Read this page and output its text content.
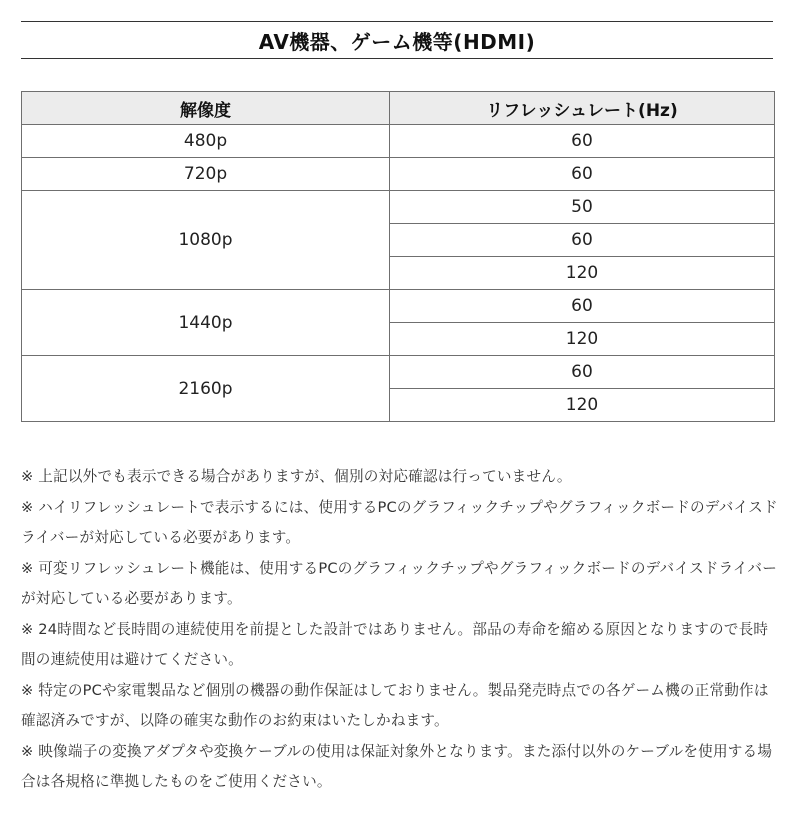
AV機器、ゲーム機等(HDMI)
解像度	リフレッシュレート(Hz)
480p	60
720p	60
1080p	50
	60
	120
1440p	60
	120
2160p	60
	120

※ 上記以外でも表示できる場合がありますが、個別の対応確認は行っていません。

※ ハイリフレッシュレートで表示するには、使用するPCのグラフィックチップやグラフィックボードのデバイスドライバーが対応している必要があります。

※ 可変リフレッシュレート機能は、使用するPCのグラフィックチップやグラフィックボードのデバイスドライバーが対応している必要があります。

※ 24時間など長時間の連続使用を前提とした設計ではありません。部品の寿命を縮める原因となりますので長時間の連続使用は避けてください。

※ 特定のPCや家電製品など個別の機器の動作保証はしておりません。製品発売時点での各ゲーム機の正常動作は確認済みですが、以降の確実な動作のお約束はいたしかねます。

※ 映像端子の変換アダプタや変換ケーブルの使用は保証対象外となります。また添付以外のケーブルを使用する場合は各規格に準拠したものをご使用ください。
